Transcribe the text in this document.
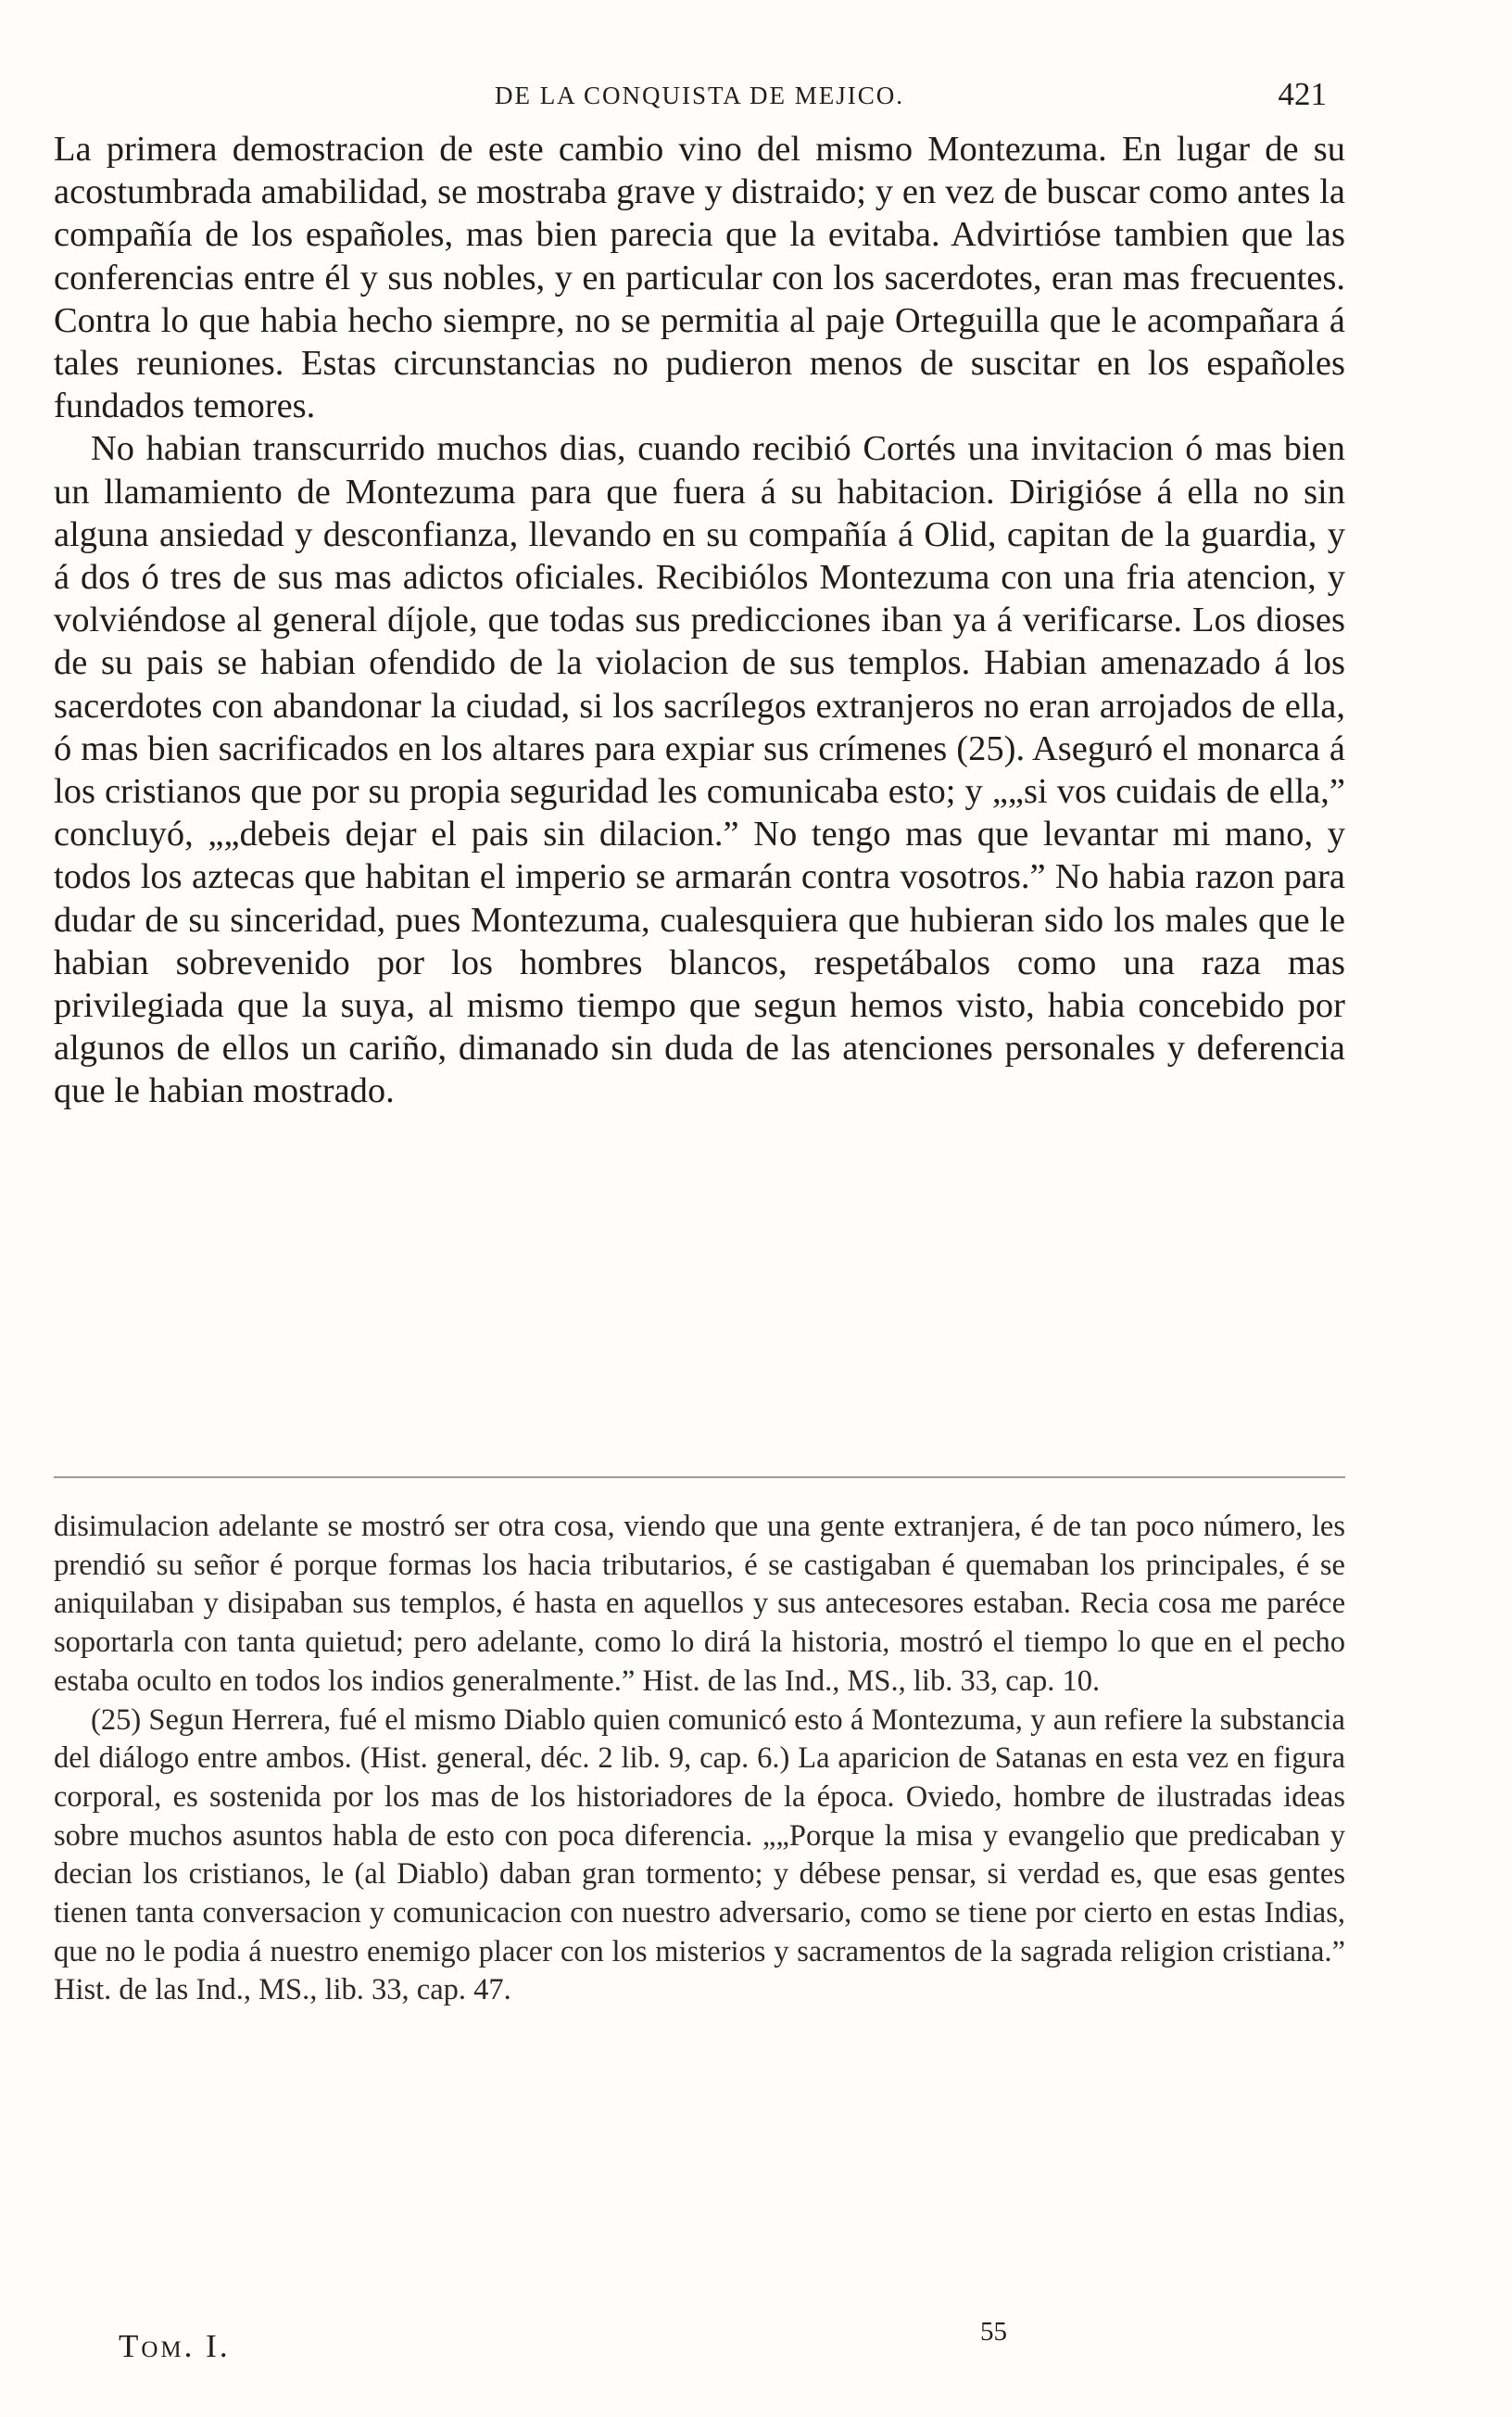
DE LA CONQUISTA DE MEJICO.	421

La primera demostracion de este cambio vino del mismo Montezuma. En lugar de su acostumbrada amabilidad, se mostraba grave y distraido; y en vez de buscar como antes la compañía de los españoles, mas bien parecia que la evitaba. Advirtióse tambien que las conferencias entre él y sus nobles, y en particular con los sacerdotes, eran mas frecuentes. Contra lo que habia hecho siempre, no se permitia al paje Orteguilla que le acompañara á tales reuniones. Estas circunstancias no pudieron menos de suscitar en los españoles fundados temores.

No habian transcurrido muchos dias, cuando recibió Cortés una invitacion ó mas bien un llamamiento de Montezuma para que fuera á su habitacion. Dirigióse á ella no sin alguna ansiedad y desconfianza, llevando en su compañía á Olid, capitan de la guardia, y á dos ó tres de sus mas adictos oficiales. Recibiólos Montezuma con una fria atencion, y volviéndose al general díjole, que todas sus predicciones iban ya á verificarse. Los dioses de su pais se habian ofendido de la violacion de sus templos. Habian amenazado á los sacerdotes con abandonar la ciudad, si los sacrílegos extranjeros no eran arrojados de ella, ó mas bien sacrificados en los altares para expiar sus crímenes (25). Aseguró el monarca á los cristianos que por su propia seguridad les comunicaba esto; y „„si vos cuidais de ella,” concluyó, „„debeis dejar el pais sin dilacion.” No tengo mas que levantar mi mano, y todos los aztecas que habitan el imperio se armarán contra vosotros.” No habia razon para dudar de su sinceridad, pues Montezuma, cualesquiera que hubieran sido los males que le habian sobrevenido por los hombres blancos, respetábalos como una raza mas privilegiada que la suya, al mismo tiempo que segun hemos visto, habia concebido por algunos de ellos un cariño, dimanado sin duda de las atenciones personales y deferencia que le habian mostrado.

disimulacion adelante se mostró ser otra cosa, viendo que una gente extranjera, é de tan poco número, les prendió su señor é porque formas los hacia tributarios, é se castigaban é quemaban los principales, é se aniquilaban y disipaban sus templos, é hasta en aquellos y sus antecesores estaban. Recia cosa me paréce soportarla con tanta quietud; pero adelante, como lo dirá la historia, mostró el tiempo lo que en el pecho estaba oculto en todos los indios generalmente.” Hist. de las Ind., MS., lib. 33, cap. 10.

(25) Segun Herrera, fué el mismo Diablo quien comunicó esto á Montezuma, y aun refiere la substancia del diálogo entre ambos. (Hist. general, déc. 2 lib. 9, cap. 6.) La aparicion de Satanas en esta vez en figura corporal, es sostenida por los mas de los historiadores de la época. Oviedo, hombre de ilustradas ideas sobre muchos asuntos habla de esto con poca diferencia. „„Porque la misa y evangelio que predicaban y decian los cristianos, le (al Diablo) daban gran tormento; y débese pensar, si verdad es, que esas gentes tienen tanta conversacion y comunicacion con nuestro adversario, como se tiene por cierto en estas Indias, que no le podia á nuestro enemigo placer con los misterios y sacramentos de la sagrada religion cristiana.” Hist. de las Ind., MS., lib. 33, cap. 47.

Tom. I.	55
